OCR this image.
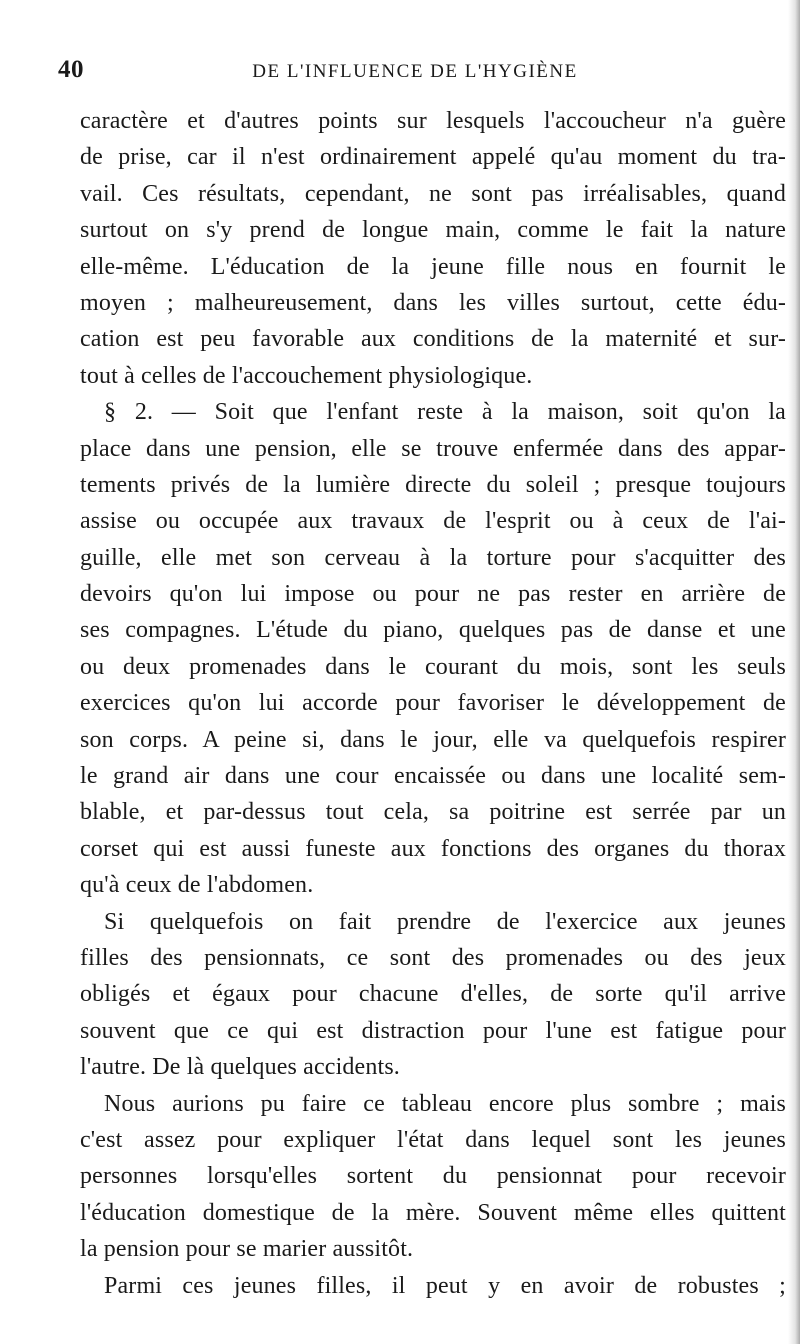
40	DE L'INFLUENCE DE L'HYGIÈNE
caractère et d'autres points sur lesquels l'accoucheur n'a guère
de prise, car il n'est ordinairement appelé qu'au moment du tra-
vail. Ces résultats, cependant, ne sont pas irréalisables, quand
surtout on s'y prend de longue main, comme le fait la nature
elle-même. L'éducation de la jeune fille nous en fournit le
moyen ; malheureusement, dans les villes surtout, cette édu-
cation est peu favorable aux conditions de la maternité et sur-
tout à celles de l'accouchement physiologique.
§ 2. — Soit que l'enfant reste à la maison, soit qu'on la
place dans une pension, elle se trouve enfermée dans des appar-
tements privés de la lumière directe du soleil ; presque toujours
assise ou occupée aux travaux de l'esprit ou à ceux de l'ai-
guille, elle met son cerveau à la torture pour s'acquitter des
devoirs qu'on lui impose ou pour ne pas rester en arrière de
ses compagnes. L'étude du piano, quelques pas de danse et une
ou deux promenades dans le courant du mois, sont les seuls
exercices qu'on lui accorde pour favoriser le développement de
son corps. A peine si, dans le jour, elle va quelquefois respirer
le grand air dans une cour encaissée ou dans une localité sem-
blable, et par-dessus tout cela, sa poitrine est serrée par un
corset qui est aussi funeste aux fonctions des organes du thorax
qu'à ceux de l'abdomen.
Si quelquefois on fait prendre de l'exercice aux jeunes
filles des pensionnats, ce sont des promenades ou des jeux
obligés et égaux pour chacune d'elles, de sorte qu'il arrive
souvent que ce qui est distraction pour l'une est fatigue pour
l'autre. De là quelques accidents.
Nous aurions pu faire ce tableau encore plus sombre ; mais
c'est assez pour expliquer l'état dans lequel sont les jeunes
personnes lorsqu'elles sortent du pensionnat pour recevoir
l'éducation domestique de la mère. Souvent même elles quittent
la pension pour se marier aussitôt.
Parmi ces jeunes filles, il peut y en avoir de robustes ;
